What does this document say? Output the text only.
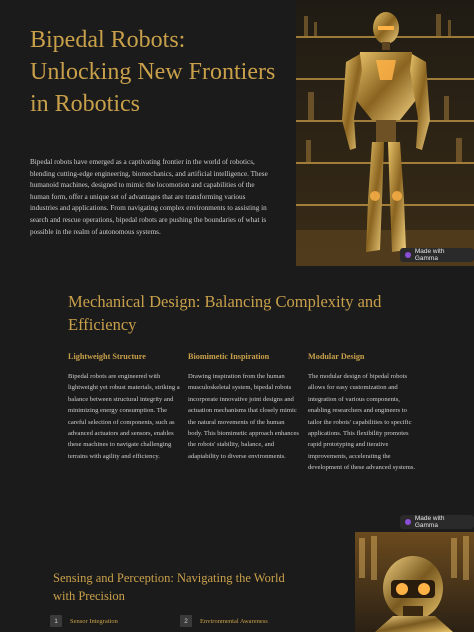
Bipedal Robots: Unlocking New Frontiers in Robotics

Bipedal robots have emerged as a captivating frontier in the world of robotics, blending cutting-edge engineering, biomechanics, and artificial intelligence. These humanoid machines, designed to mimic the locomotion and capabilities of the human form, offer a unique set of advantages that are transforming various industries and applications. From navigating complex environments to assisting in search and rescue operations, bipedal robots are pushing the boundaries of what is possible in the realm of autonomous systems.

Made with Gamma
Mechanical Design: Balancing Complexity and Efficiency
Lightweight Structure

Bipedal robots are engineered with lightweight yet robust materials, striking a balance between structural integrity and minimizing energy consumption. The careful selection of components, such as advanced actuators and sensors, enables these machines to navigate challenging terrains with agility and efficiency.

Biomimetic Inspiration

Drawing inspiration from the human musculoskeletal system, bipedal robots incorporate innovative joint designs and actuation mechanisms that closely mimic the natural movements of the human body. This biomimetic approach enhances the robots' stability, balance, and adaptability to diverse environments.

Modular Design

The modular design of bipedal robots allows for easy customization and integration of various components, enabling researchers and engineers to tailor the robots' capabilities to specific applications. This flexibility promotes rapid prototyping and iterative improvements, accelerating the development of these advanced systems.

Made with Gamma
Sensing and Perception: Navigating the World with Precision
1	Sensor Integration	2	Environmental Awareness
